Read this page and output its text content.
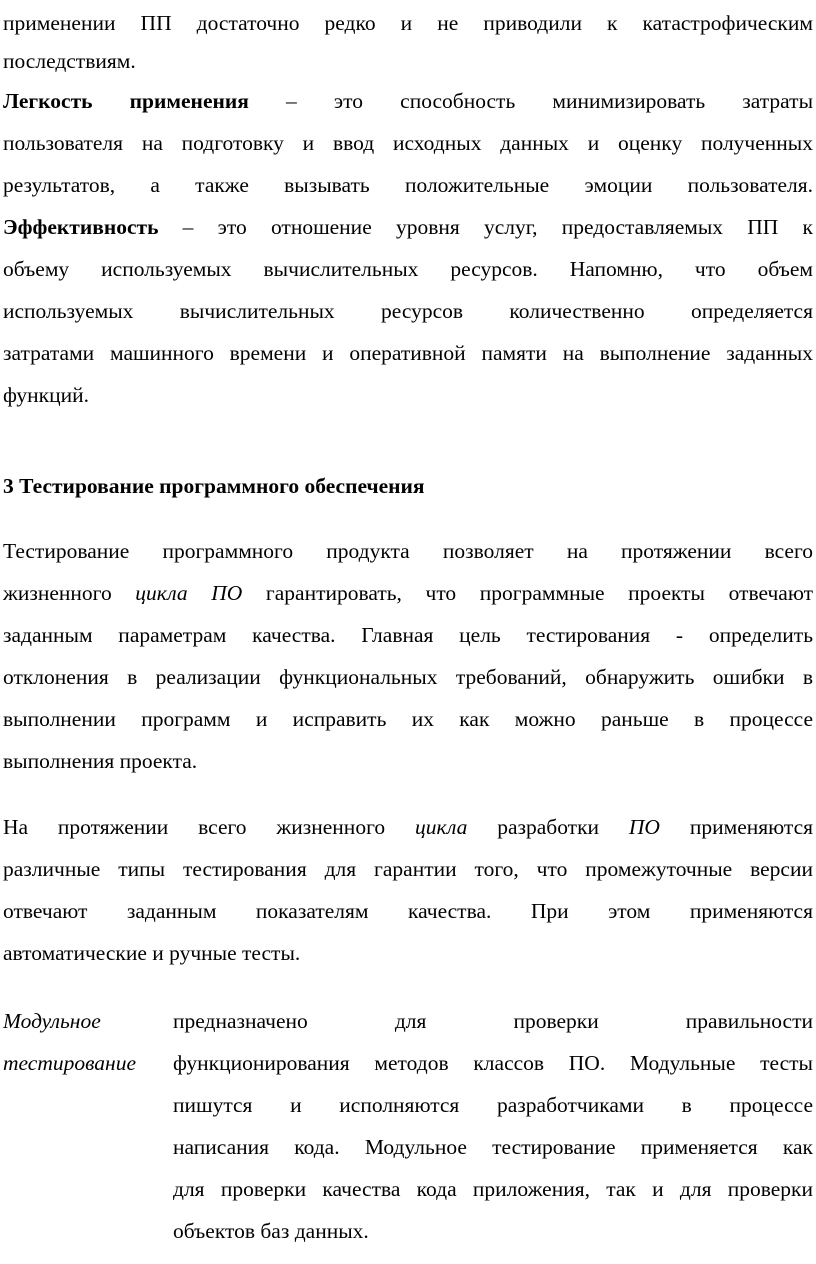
применении ПП достаточно редко и не приводили к катастрофическим
последствиям.
Легкость применения – это способность минимизировать затраты
пользователя на подготовку и ввод исходных данных и оценку полученных
результатов, а также вызывать положительные эмоции пользователя.
Эффективность – это отношение уровня услуг, предоставляемых ПП к
объему используемых вычислительных ресурсов. Напомню, что объем
используемых вычислительных ресурсов количественно определяется
затратами машинного времени и оперативной памяти на выполнение заданных
функций.
3 Тестирование программного обеспечения
Тестирование программного продукта позволяет на протяжении всего
жизненного цикла ПО гарантировать, что программные проекты отвечают
заданным параметрам качества. Главная цель тестирования - определить
отклонения в реализации функциональных требований, обнаружить ошибки в
выполнении программ и исправить их как можно раньше в процессе
выполнения проекта.
На протяжении всего жизненного цикла разработки ПО применяются
различные типы тестирования для гарантии того, что промежуточные версии
отвечают заданным показателям качества. При этом применяются
автоматические и ручные тесты.
Модульное
тестирование
предназначено для проверки правильности
функционирования методов классов ПО. Модульные тесты
пишутся и исполняются разработчиками в процессе
написания кода. Модульное тестирование применяется как
для проверки качества кода приложения, так и для проверки
объектов баз данных.
